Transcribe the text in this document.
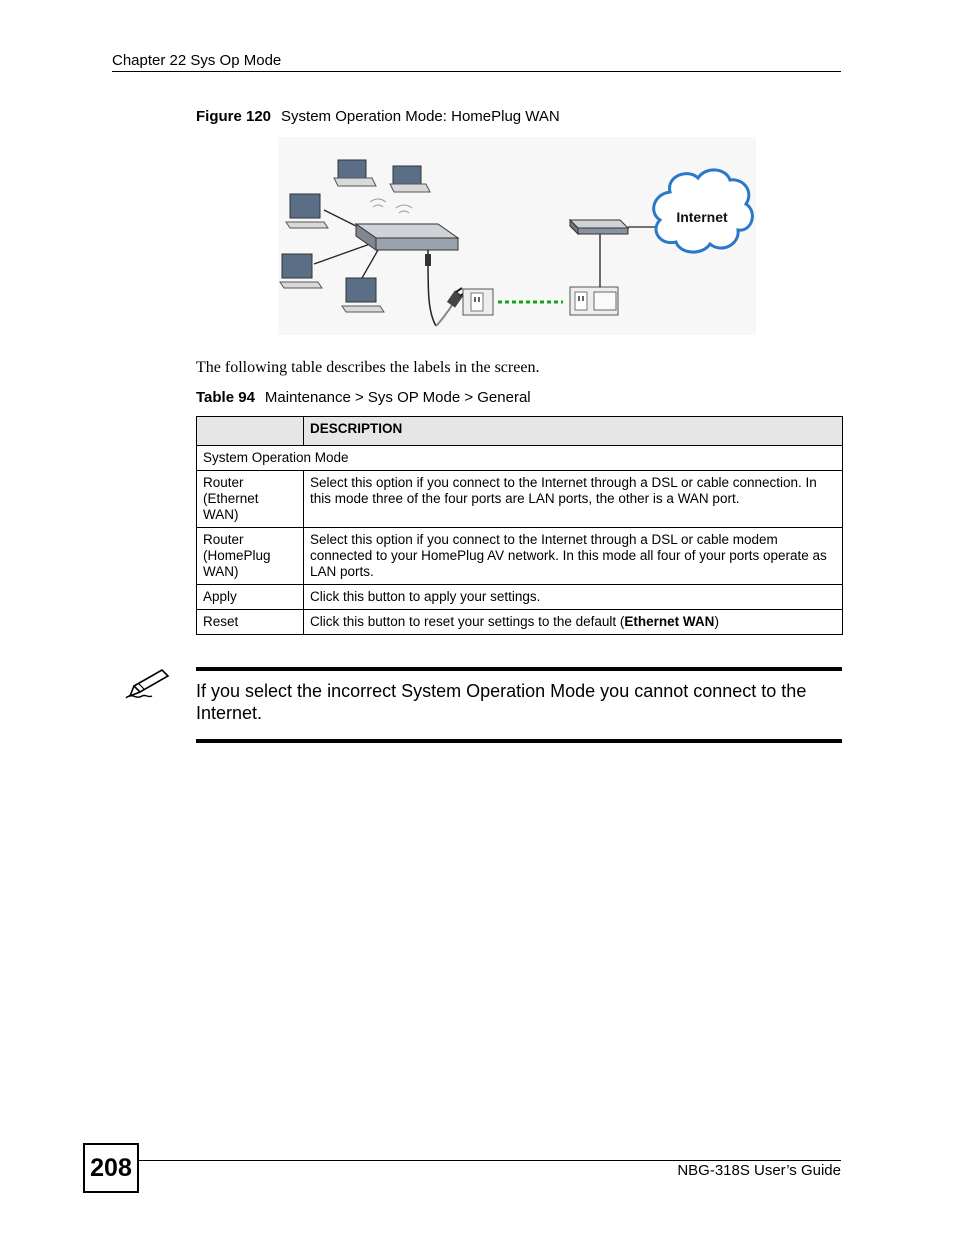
Chapter 22 Sys Op Mode
Figure 120 System Operation Mode: HomePlug WAN
Internet
The following table describes the labels in the screen.
Table 94 Maintenance > Sys OP Mode > General
	DESCRIPTION
System Operation Mode	
Router (Ethernet WAN)	Select this option if you connect to the Internet through a DSL or cable connection. In this mode three of the four ports are LAN ports, the other is a WAN port.
Router (HomePlug WAN)	Select this option if you connect to the Internet through a DSL or cable modem connected to your HomePlug AV network. In this mode all four of your ports operate as LAN ports.
Apply	Click this button to apply your settings.
Reset	Click this button to reset your settings to the default (Ethernet WAN)
If you select the incorrect System Operation Mode you cannot connect to the Internet.
208	NBG-318S User’s Guide
